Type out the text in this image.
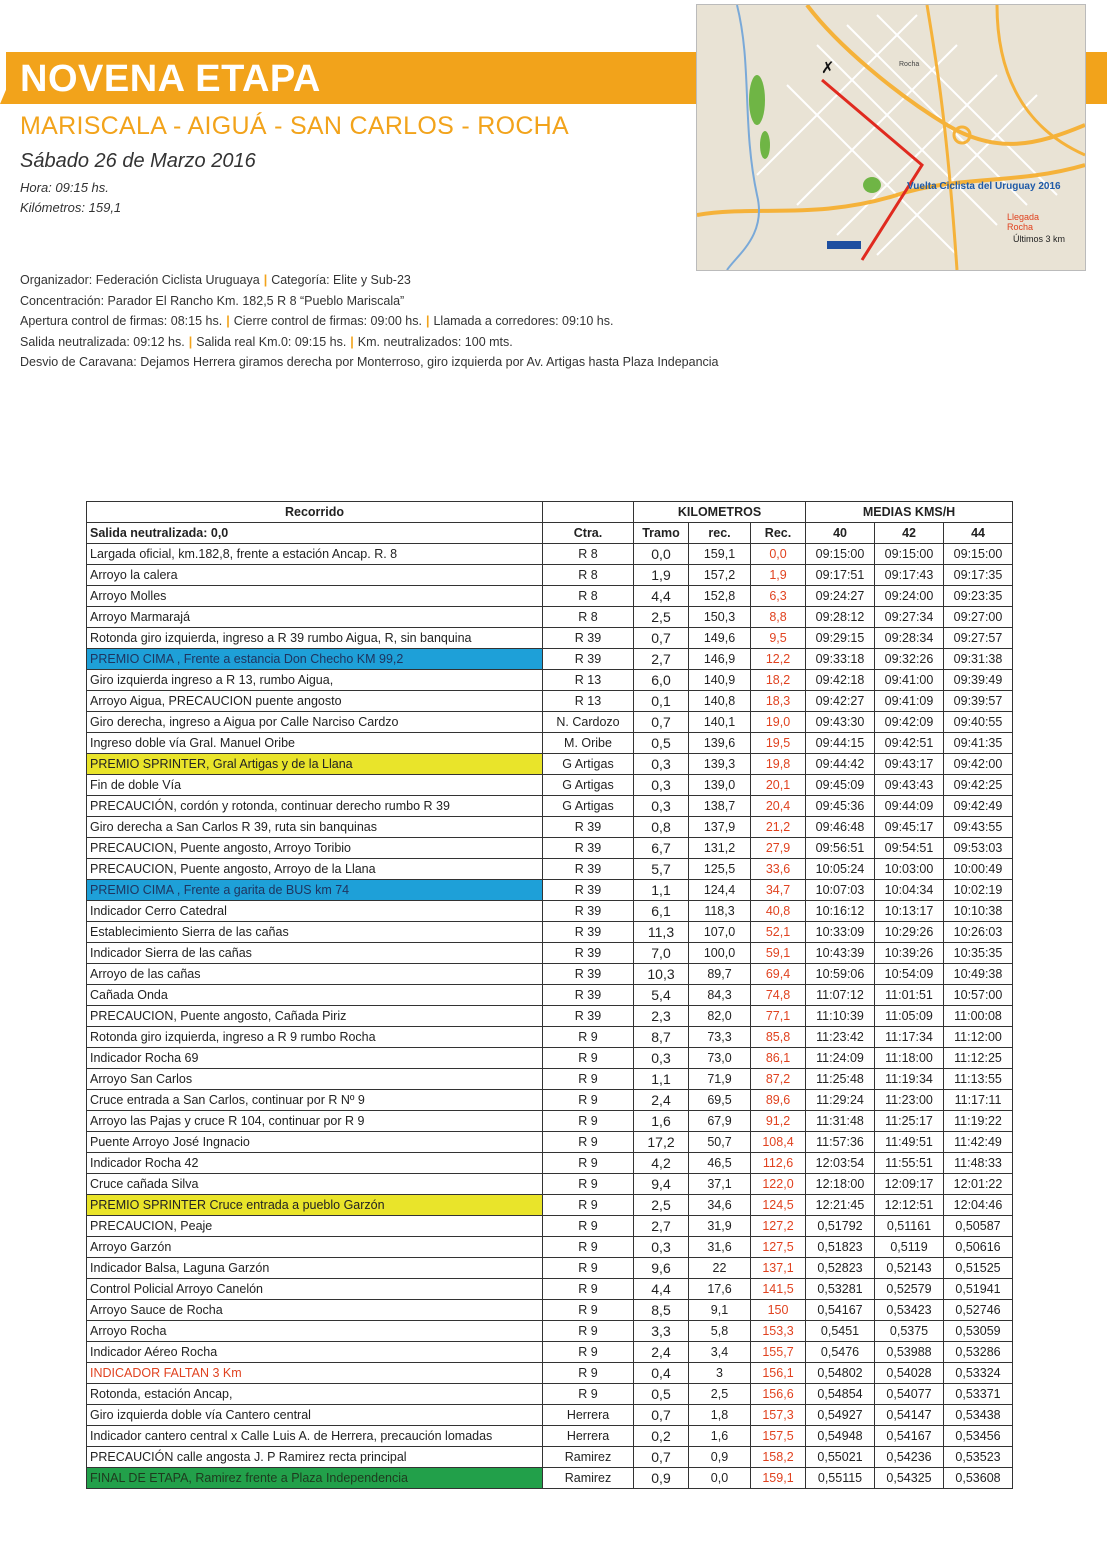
NOVENA ETAPA
MARISCALA - AIGUÁ - SAN CARLOS - ROCHA
Sábado 26 de Marzo 2016
Hora: 09:15 hs.
Kilómetros: 159,1
✗	Rocha
Vuelta Ciclista del Uruguay 2016
Llegada
Rocha
Últimos 3 km
Organizador: Federación Ciclista Uruguaya | Categoría: Elite y Sub-23
Concentración: Parador El Rancho Km. 182,5 R 8 “Pueblo Mariscala”
Apertura control de firmas: 08:15 hs. | Cierre control de firmas: 09:00 hs. | Llamada a corredores: 09:10 hs.
Salida neutralizada: 09:12 hs. | Salida real Km.0: 09:15 hs. | Km. neutralizados: 100 mts.
Desvio de Caravana: Dejamos Herrera giramos derecha por Monterroso, giro izquierda por Av. Artigas hasta Plaza Indepancia
Recorrido		KILOMETROS			MEDIAS KMS/H		
Salida neutralizada: 0,0	Ctra.	Tramo	rec.	Rec.	40	42	44
Largada oficial, km.182,8, frente a estación Ancap. R. 8	R 8	0,0	159,1	0,0	09:15:00	09:15:00	09:15:00
Arroyo la calera	R 8	1,9	157,2	1,9	09:17:51	09:17:43	09:17:35
Arroyo Molles	R 8	4,4	152,8	6,3	09:24:27	09:24:00	09:23:35
Arroyo Marmarajá	R 8	2,5	150,3	8,8	09:28:12	09:27:34	09:27:00
Rotonda giro izquierda, ingreso a R 39 rumbo Aigua, R, sin banquina	R 39	0,7	149,6	9,5	09:29:15	09:28:34	09:27:57
PREMIO CIMA , Frente a estancia Don Checho KM 99,2	R 39	2,7	146,9	12,2	09:33:18	09:32:26	09:31:38
Giro izquierda ingreso a R 13, rumbo Aigua,	R 13	6,0	140,9	18,2	09:42:18	09:41:00	09:39:49
Arroyo Aigua, PRECAUCION puente angosto	R 13	0,1	140,8	18,3	09:42:27	09:41:09	09:39:57
Giro derecha, ingreso a Aigua por Calle Narciso Cardzo	N. Cardozo	0,7	140,1	19,0	09:43:30	09:42:09	09:40:55
Ingreso doble vía Gral. Manuel Oribe	M. Oribe	0,5	139,6	19,5	09:44:15	09:42:51	09:41:35
PREMIO SPRINTER, Gral Artigas y de la Llana	G Artigas	0,3	139,3	19,8	09:44:42	09:43:17	09:42:00
Fin de doble Vía	G Artigas	0,3	139,0	20,1	09:45:09	09:43:43	09:42:25
PRECAUCIÓN, cordón y rotonda, continuar derecho rumbo R 39	G Artigas	0,3	138,7	20,4	09:45:36	09:44:09	09:42:49
Giro derecha a San Carlos R 39, ruta sin banquinas	R 39	0,8	137,9	21,2	09:46:48	09:45:17	09:43:55
PRECAUCION, Puente angosto, Arroyo Toribio	R 39	6,7	131,2	27,9	09:56:51	09:54:51	09:53:03
PRECAUCION, Puente angosto, Arroyo de la Llana	R 39	5,7	125,5	33,6	10:05:24	10:03:00	10:00:49
PREMIO CIMA , Frente a garita de BUS km 74	R 39	1,1	124,4	34,7	10:07:03	10:04:34	10:02:19
Indicador Cerro Catedral	R 39	6,1	118,3	40,8	10:16:12	10:13:17	10:10:38
Establecimiento Sierra de las cañas	R 39	11,3	107,0	52,1	10:33:09	10:29:26	10:26:03
Indicador Sierra de las cañas	R 39	7,0	100,0	59,1	10:43:39	10:39:26	10:35:35
Arroyo de las cañas	R 39	10,3	89,7	69,4	10:59:06	10:54:09	10:49:38
Cañada Onda	R 39	5,4	84,3	74,8	11:07:12	11:01:51	10:57:00
PRECAUCION, Puente angosto, Cañada Piriz	R 39	2,3	82,0	77,1	11:10:39	11:05:09	11:00:08
Rotonda giro izquierda, ingreso a R 9 rumbo Rocha	R 9	8,7	73,3	85,8	11:23:42	11:17:34	11:12:00
Indicador Rocha 69	R 9	0,3	73,0	86,1	11:24:09	11:18:00	11:12:25
Arroyo San Carlos	R 9	1,1	71,9	87,2	11:25:48	11:19:34	11:13:55
Cruce entrada a San Carlos, continuar por R Nº 9	R 9	2,4	69,5	89,6	11:29:24	11:23:00	11:17:11
Arroyo las Pajas y cruce R 104, continuar por R 9	R 9	1,6	67,9	91,2	11:31:48	11:25:17	11:19:22
Puente Arroyo José Ingnacio	R 9	17,2	50,7	108,4	11:57:36	11:49:51	11:42:49
Indicador Rocha 42	R 9	4,2	46,5	112,6	12:03:54	11:55:51	11:48:33
Cruce cañada Silva	R 9	9,4	37,1	122,0	12:18:00	12:09:17	12:01:22
PREMIO SPRINTER Cruce entrada a pueblo Garzón	R 9	2,5	34,6	124,5	12:21:45	12:12:51	12:04:46
PRECAUCION, Peaje	R 9	2,7	31,9	127,2	0,51792	0,51161	0,50587
Arroyo Garzón	R 9	0,3	31,6	127,5	0,51823	0,5119	0,50616
Indicador Balsa, Laguna Garzón	R 9	9,6	22	137,1	0,52823	0,52143	0,51525
Control Policial Arroyo Canelón	R 9	4,4	17,6	141,5	0,53281	0,52579	0,51941
Arroyo Sauce de Rocha	R 9	8,5	9,1	150	0,54167	0,53423	0,52746
Arroyo Rocha	R 9	3,3	5,8	153,3	0,5451	0,5375	0,53059
Indicador Aéreo Rocha	R 9	2,4	3,4	155,7	0,5476	0,53988	0,53286
INDICADOR FALTAN 3 Km	R 9	0,4	3	156,1	0,54802	0,54028	0,53324
Rotonda, estación Ancap,	R 9	0,5	2,5	156,6	0,54854	0,54077	0,53371
Giro izquierda doble vía Cantero central	Herrera	0,7	1,8	157,3	0,54927	0,54147	0,53438
Indicador cantero central x Calle Luis A. de Herrera, precaución lomadas	Herrera	0,2	1,6	157,5	0,54948	0,54167	0,53456
PRECAUCIÓN calle angosta J. P Ramirez recta principal	Ramirez	0,7	0,9	158,2	0,55021	0,54236	0,53523
FINAL DE ETAPA, Ramirez frente a Plaza Independencia	Ramirez	0,9	0,0	159,1	0,55115	0,54325	0,53608
